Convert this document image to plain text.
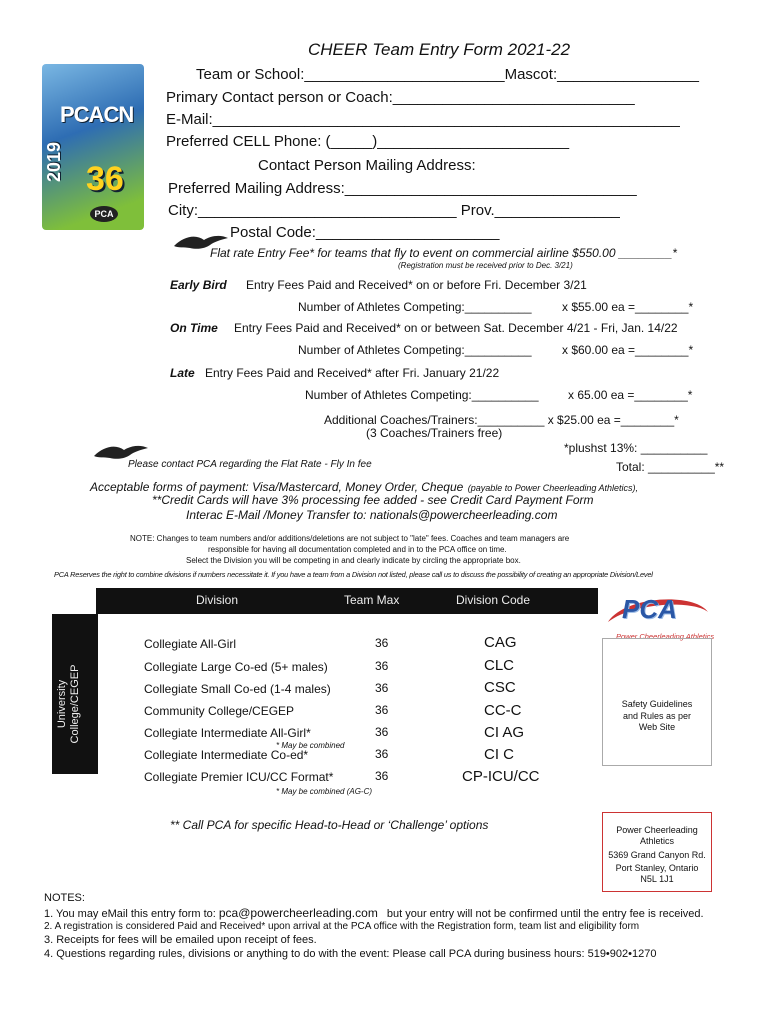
CHEER Team Entry Form 2021-22
PCACN
2019 36
PCA
Team or School:________________________Mascot:_________________
Primary Contact person or Coach:_____________________________
E-Mail:________________________________________________________
Preferred CELL Phone: (_____)_______________________
Contact Person Mailing Address:
Preferred Mailing Address:___________________________________
City:_______________________________ Prov._______________
Postal Code:______________________
Flat rate Entry Fee* for teams that fly to event on commercial airline $550.00 ________*
(Registration must be received prior to Dec. 3/21)
Early Bird Entry Fees Paid and Received* on or before Fri. December 3/21
Number of Athletes Competing:__________	x $55.00 ea =________*
On Time Entry Fees Paid and Received* on or between Sat. December 4/21 - Fri, Jan. 14/22
Number of Athletes Competing:__________	x $60.00 ea =________*
Late Entry Fees Paid and Received* after Fri. January 21/22
Number of Athletes Competing:__________ x 65.00 ea =________*
Additional Coaches/Trainers:__________ x $25.00 ea =________*
(3 Coaches/Trainers free)
*plushst 13%: __________
Please contact PCA regarding the Flat Rate - Fly In fee	Total: __________**
Acceptable forms of payment: Visa/Mastercard, Money Order, Cheque (payable to Power Cheerleading Athletics),
**Credit Cards will have 3% processing fee added - see Credit Card Payment Form
Interac E-Mail /Money Transfer to: nationals@powercheerleading.com
NOTE: Changes to team numbers and/or additions/deletions are not subject to "late" fees. Coaches and team managers are
responsible for having all documentation completed and in to the PCA office on time.
Select the Division you will be competing in and clearly indicate by circling the appropriate box.
PCA Reserves the right to combine divisions if numbers necessitate it. If you have a team from a Division not listed, please call us to discuss the possibility of creating an appropriate Division/Level
Division	Team Max	Division Code
University College/CEGEP
Collegiate All-Girl	36	CAG
Collegiate Large Co-ed (5+ males)	36	CLC
Collegiate Small Co-ed (1-4 males)	36	CSC
Community College/CEGEP	36	CC-C
Collegiate Intermediate All-Girl*	36	CI AG
* May be combined
Collegiate Intermediate Co-ed*	36	CI C
Collegiate Premier ICU/CC Format*	36	CP-ICU/CC
* May be combined (AG-C)
** Call PCA for specific Head-to-Head or ‘Challenge’ options
PCA
Power Cheerleading Athletics
Safety Guidelines
and Rules as per
Web Site
Power Cheerleading
Athletics
5369 Grand Canyon Rd.
Port Stanley, Ontario
N5L 1J1
NOTES:
1. You may eMail this entry form to: pca@powercheerleading.com but your entry will not be confirmed until the entry fee is received.
2. A registration is considered Paid and Received* upon arrival at the PCA office with the Registration form, team list and eligibility form
3. Receipts for fees will be emailed upon receipt of fees.
4. Questions regarding rules, divisions or anything to do with the event: Please call PCA during business hours: 519•902•1270
